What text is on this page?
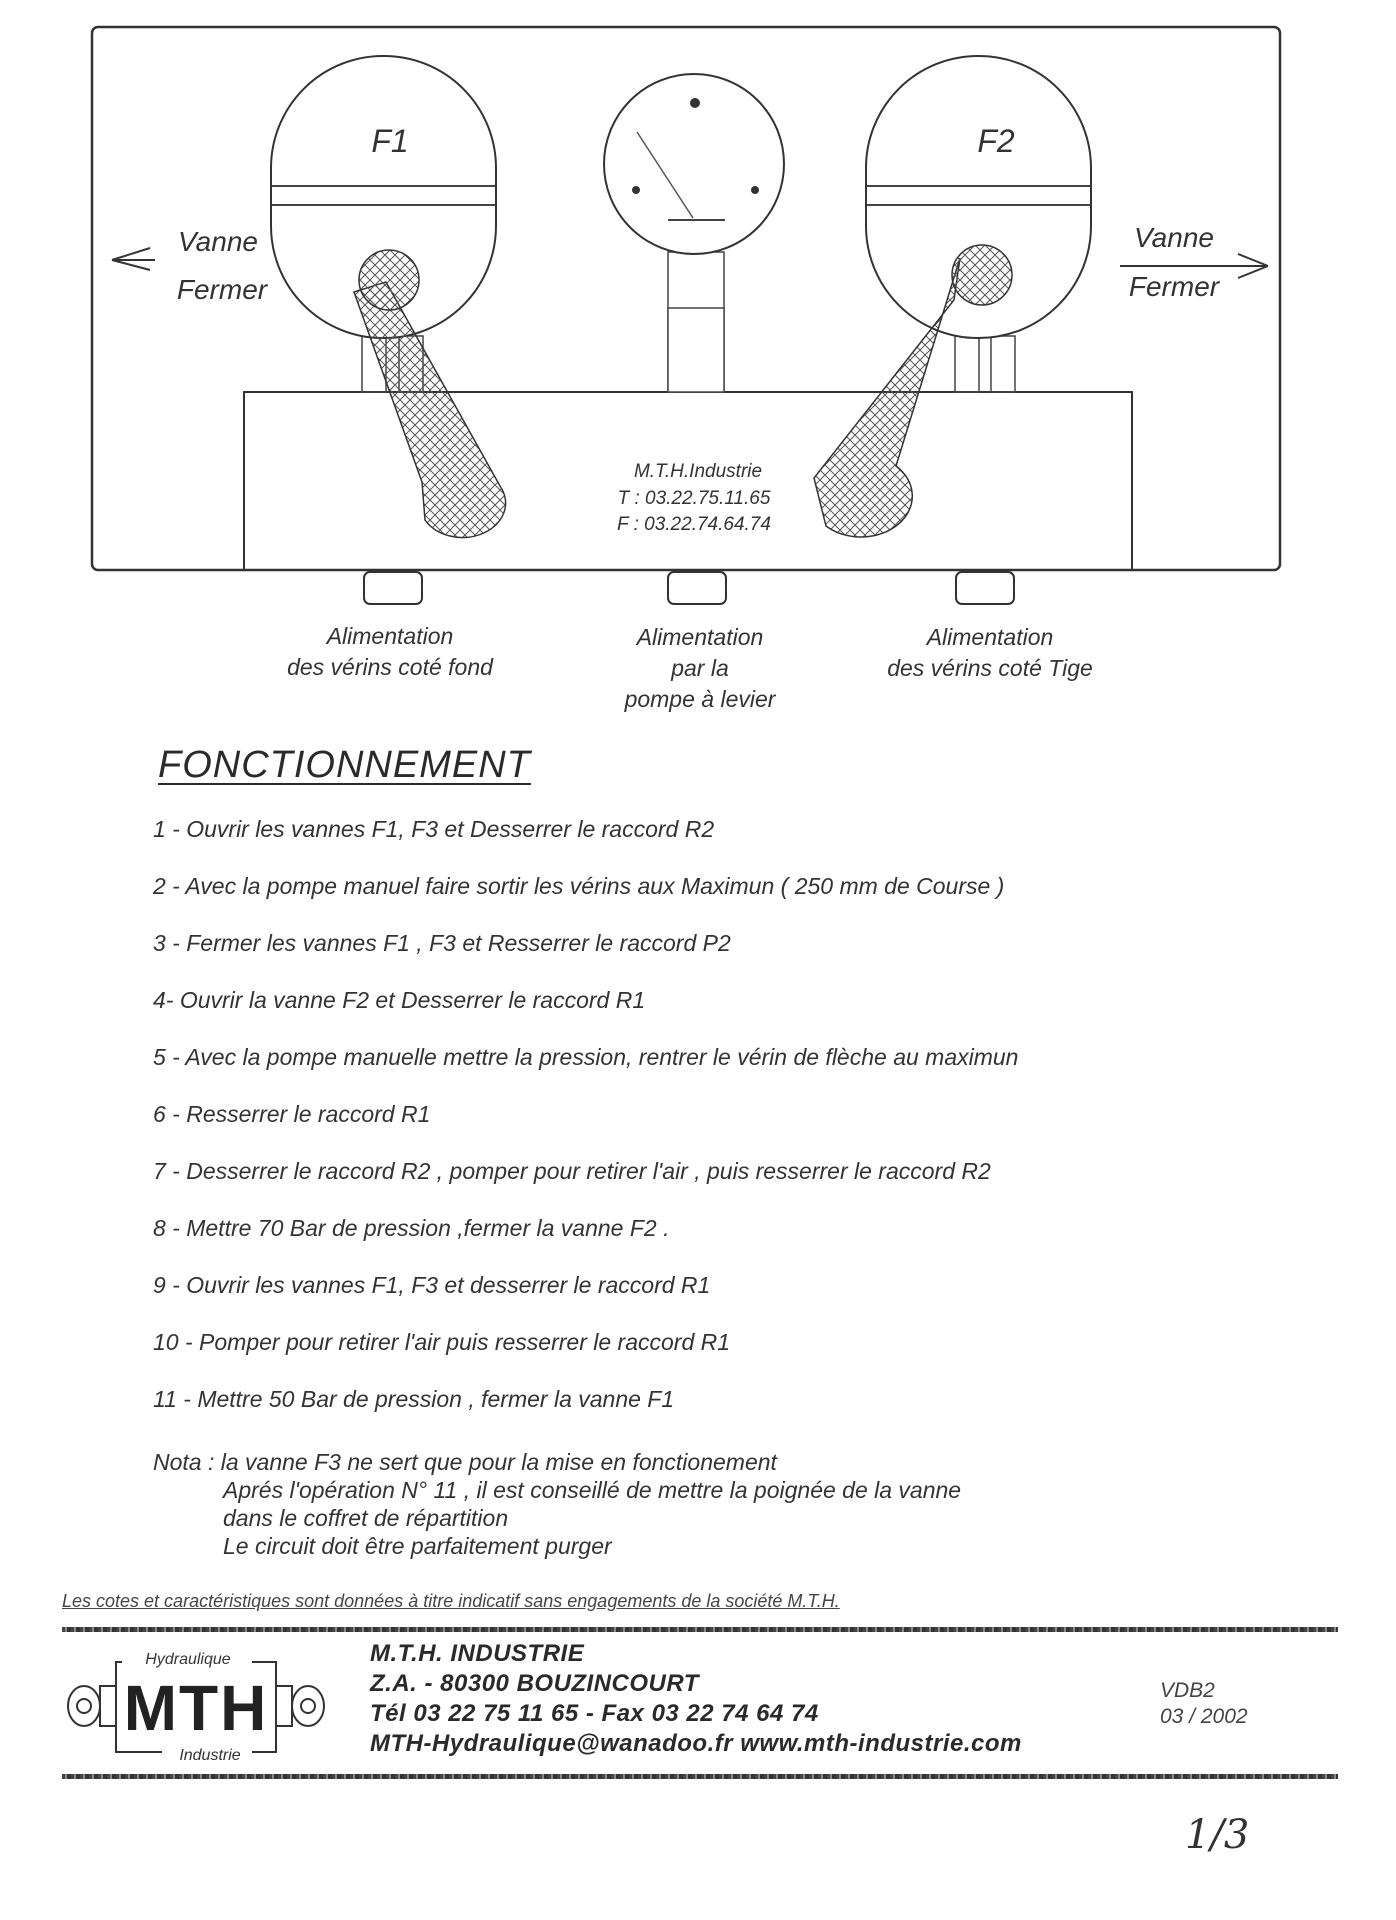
F1	F2
Vanne
Fermer
Vanne
Fermer
M.T.H.Industrie
T : 03.22.75.11.65
F : 03.22.74.64.74
Alimentation
des vérins coté fond
Alimentation
par la
pompe à levier
Alimentation
des vérins coté Tige
FONCTIONNEMENT
1 - Ouvrir les vannes F1, F3 et Desserrer le raccord R2
2 - Avec la pompe manuel faire sortir les vérins aux Maximun ( 250 mm de Course )
3 - Fermer les vannes F1 , F3 et Resserrer le raccord P2
4- Ouvrir la vanne F2 et Desserrer le raccord R1
5 - Avec la pompe manuelle mettre la pression, rentrer le vérin de flèche au maximun
6 - Resserrer le raccord R1
7 - Desserrer le raccord R2 , pomper pour retirer l'air , puis resserrer le raccord R2
8 - Mettre 70 Bar de pression ,fermer la vanne F2 .
9 - Ouvrir les vannes F1, F3 et desserrer le raccord R1
10 - Pomper pour retirer l'air puis resserrer le raccord R1
11 - Mettre 50 Bar de pression , fermer la vanne F1
Nota : la vanne F3 ne sert que pour la mise en fonctionement
Aprés l'opération N° 11 , il est conseillé de mettre la poignée de la vanne
dans le coffret de répartition
Le circuit doit être parfaitement purger
Les cotes et caractéristiques sont données à titre indicatif sans engagements de la société M.T.H.
Hydraulique
MTH
Industrie
M.T.H. INDUSTRIE
Z.A. - 80300 BOUZINCOURT
Tél 03 22 75 11 65 - Fax 03 22 74 64 74
MTH-Hydraulique@wanadoo.fr www.mth-industrie.com
VDB2
03 / 2002
1/3
